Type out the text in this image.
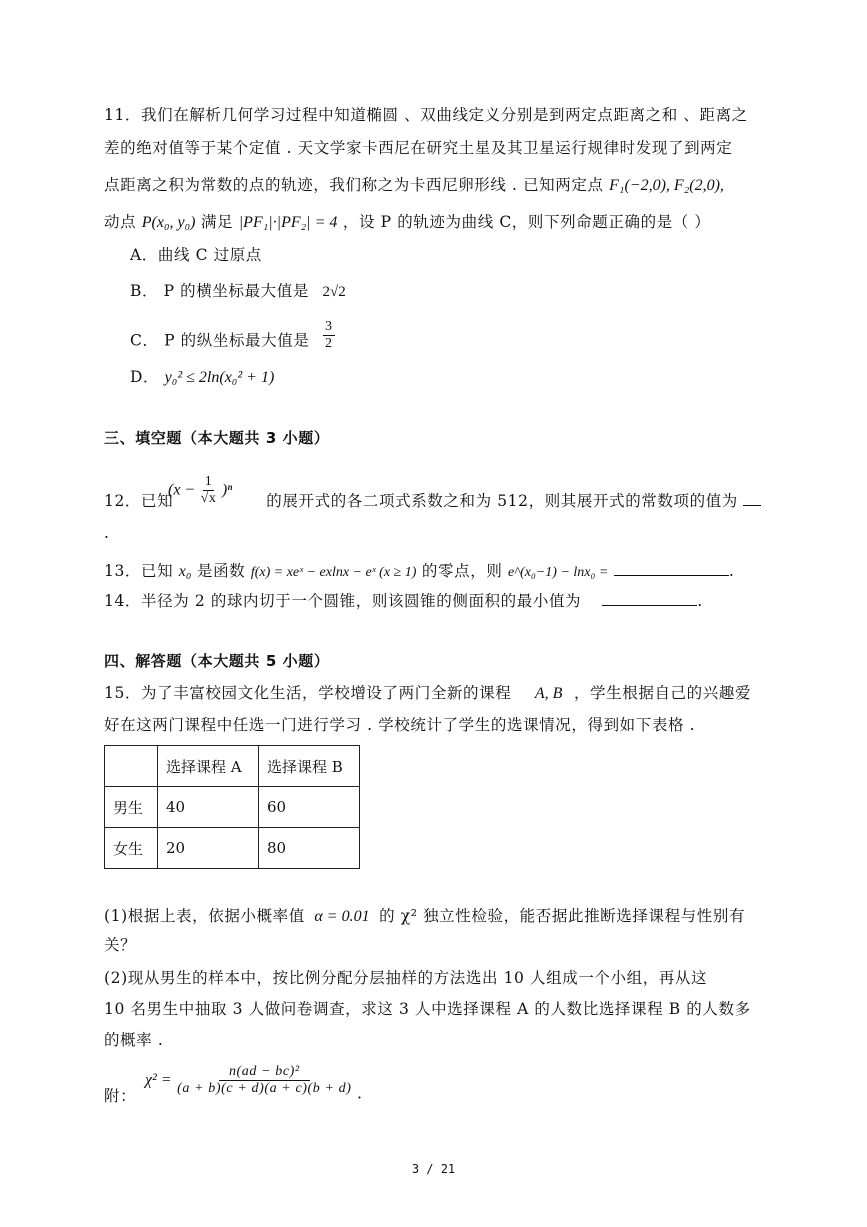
11．我们在解析几何学习过程中知道椭圆 、双曲线定义分别是到两定点距离之和 、距离之
差的绝对值等于某个定值 . 天文学家卡西尼在研究土星及其卫星运行规律时发现了到两定
点距离之积为常数的点的轨迹，我们称之为卡西尼卵形线 . 已知两定点 F₁(−2,0), F₂(2,0),
动点 P(x₀, y₀) 满足 |PF₁|·|PF₂| = 4 ，设 P 的轨迹为曲线 C，则下列命题正确的是（ ）
A．曲线 C 过原点
B． P 的横坐标最大值是 2√2
C． P 的纵坐标最大值是 $\frac{3}{2}$
D． y₀² ≤ 2ln(x₀² + 1)
三、填空题（本大题共 3 小题）
$(x - \frac{1}{√x} )^n$
12．已知	的展开式的各二项式系数之和为 512，则其展开式的常数项的值为
.
13．已知 x₀ 是函数 f(x) = xeˣ − exlnx − eˣ (x ≥ 1) 的零点，则 e^(x₀−1) − lnx₀ =	.
14．半径为 2 的球内切于一个圆锥，则该圆锥的侧面积的最小值为	.
四、解答题（本大题共 5 小题）
15．为了丰富校园文化生活，学校增设了两门全新的课程 A, B ，学生根据自己的兴趣爱
好在这两门课程中任选一门进行学习 . 学校统计了学生的选课情况，得到如下表格 .
	选择课程 A	选择课程 B
男生	40	60
女生	20	80
(1)根据上表，依据小概率值 α = 0.01 的 χ² 独立性检验，能否据此推断选择课程与性别有
关？
(2)现从男生的样本中，按比例分配分层抽样的方法选出 10 人组成一个小组，再从这
10 名男生中抽取 3 人做问卷调查，求这 3 人中选择课程 A 的人数比选择课程 B 的人数多
的概率 .
附：
$\chi^2 = \frac{\text{n(ad − bc)²}}{(a + b)(c + d)(a + c)(b + d)}$ .
3 / 21
